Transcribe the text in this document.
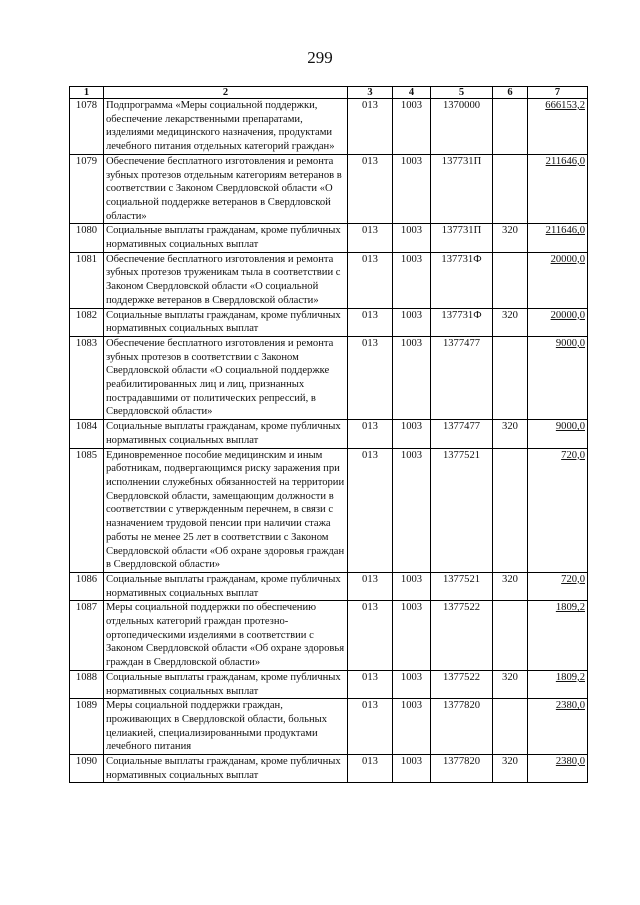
299
1	2	3	4	5	6	7
1078	Подпрограмма «Меры социальной поддержки, обеспечение лекарственными препаратами, изделиями медицинского назначения, продуктами лечебного питания отдельных категорий граждан»	013	1003	1370000		666153,2
1079	Обеспечение бесплатного изготовления и ремонта зубных протезов отдельным категориям ветеранов в соответствии с Законом Свердловской области «О социальной поддержке ветеранов в Свердловской области»	013	1003	137731П		211646,0
1080	Социальные выплаты гражданам, кроме публичных нормативных социальных выплат	013	1003	137731П	320	211646,0
1081	Обеспечение бесплатного изготовления и ремонта зубных протезов труженикам тыла в соответствии с Законом Свердловской области «О социальной поддержке ветеранов в Свердловской области»	013	1003	137731Ф		20000,0
1082	Социальные выплаты гражданам, кроме публичных нормативных социальных выплат	013	1003	137731Ф	320	20000,0
1083	Обеспечение бесплатного изготовления и ремонта зубных протезов в соответствии с Законом Свердловской области «О социальной поддержке реабилитированных лиц и лиц, признанных пострадавшими от политических репрессий, в Свердловской области»	013	1003	1377477		9000,0
1084	Социальные выплаты гражданам, кроме публичных нормативных социальных выплат	013	1003	1377477	320	9000,0
1085	Единовременное пособие медицинским и иным работникам, подвергающимся риску заражения при исполнении служебных обязанностей на территории Свердловской области, замещающим должности в соответствии с утвержденным перечнем, в связи с назначением трудовой пенсии при наличии стажа работы не менее 25 лет в соответствии с Законом Свердловской области «Об охране здоровья граждан в Свердловской области»	013	1003	1377521		720,0
1086	Социальные выплаты гражданам, кроме публичных нормативных социальных выплат	013	1003	1377521	320	720,0
1087	Меры социальной поддержки по обеспечению отдельных категорий граждан протезно-ортопедическими изделиями в соответствии с Законом Свердловской области «Об охране здоровья граждан в Свердловской области»	013	1003	1377522		1809,2
1088	Социальные выплаты гражданам, кроме публичных нормативных социальных выплат	013	1003	1377522	320	1809,2
1089	Меры социальной поддержки граждан, проживающих в Свердловской области, больных целиакией, специализированными продуктами лечебного питания	013	1003	1377820		2380,0
1090	Социальные выплаты гражданам, кроме публичных нормативных социальных выплат	013	1003	1377820	320	2380,0
